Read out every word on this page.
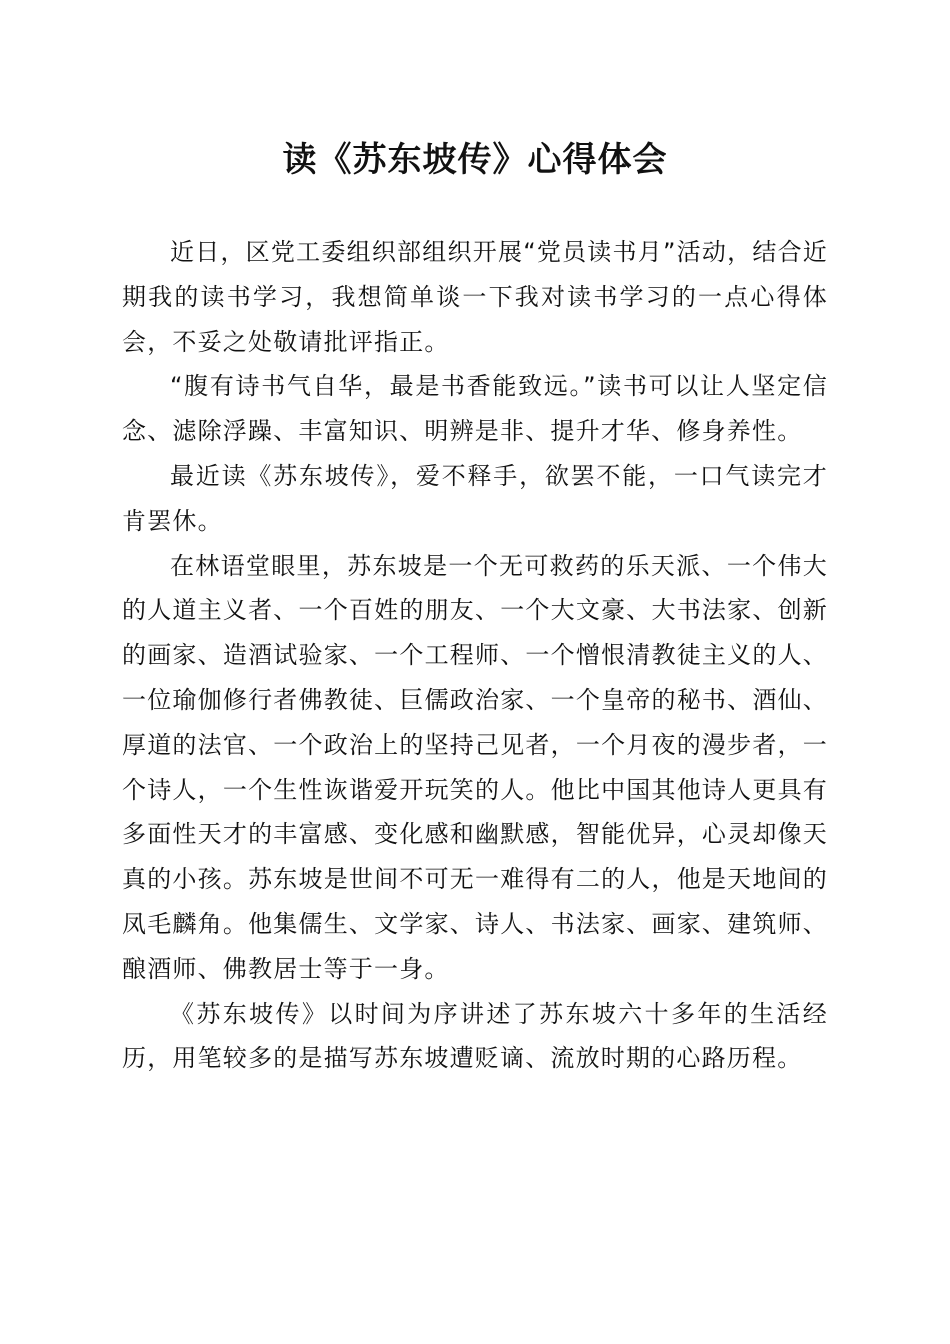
读《苏东坡传》心得体会

近日，区党工委组织部组织开展“党员读书月”活动，结合近期我的读书学习，我想简单谈一下我对读书学习的一点心得体会，不妥之处敬请批评指正。

“腹有诗书气自华，最是书香能致远。”读书可以让人坚定信念、滤除浮躁、丰富知识、明辨是非、提升才华、修身养性。

最近读《苏东坡传》，爱不释手，欲罢不能，一口气读完才肯罢休。

在林语堂眼里，苏东坡是一个无可救药的乐天派、一个伟大的人道主义者、一个百姓的朋友、一个大文豪、大书法家、创新的画家、造酒试验家、一个工程师、一个憎恨清教徒主义的人、一位瑜伽修行者佛教徒、巨儒政治家、一个皇帝的秘书、酒仙、厚道的法官、一个政治上的坚持己见者，一个月夜的漫步者，一个诗人，一个生性诙谐爱开玩笑的人。他比中国其他诗人更具有多面性天才的丰富感、变化感和幽默感，智能优异，心灵却像天真的小孩。苏东坡是世间不可无一难得有二的人，他是天地间的凤毛麟角。他集儒生、文学家、诗人、书法家、画家、建筑师、酿酒师、佛教居士等于一身。

《苏东坡传》以时间为序讲述了苏东坡六十多年的生活经历，用笔较多的是描写苏东坡遭贬谪、流放时期的心路历程。
